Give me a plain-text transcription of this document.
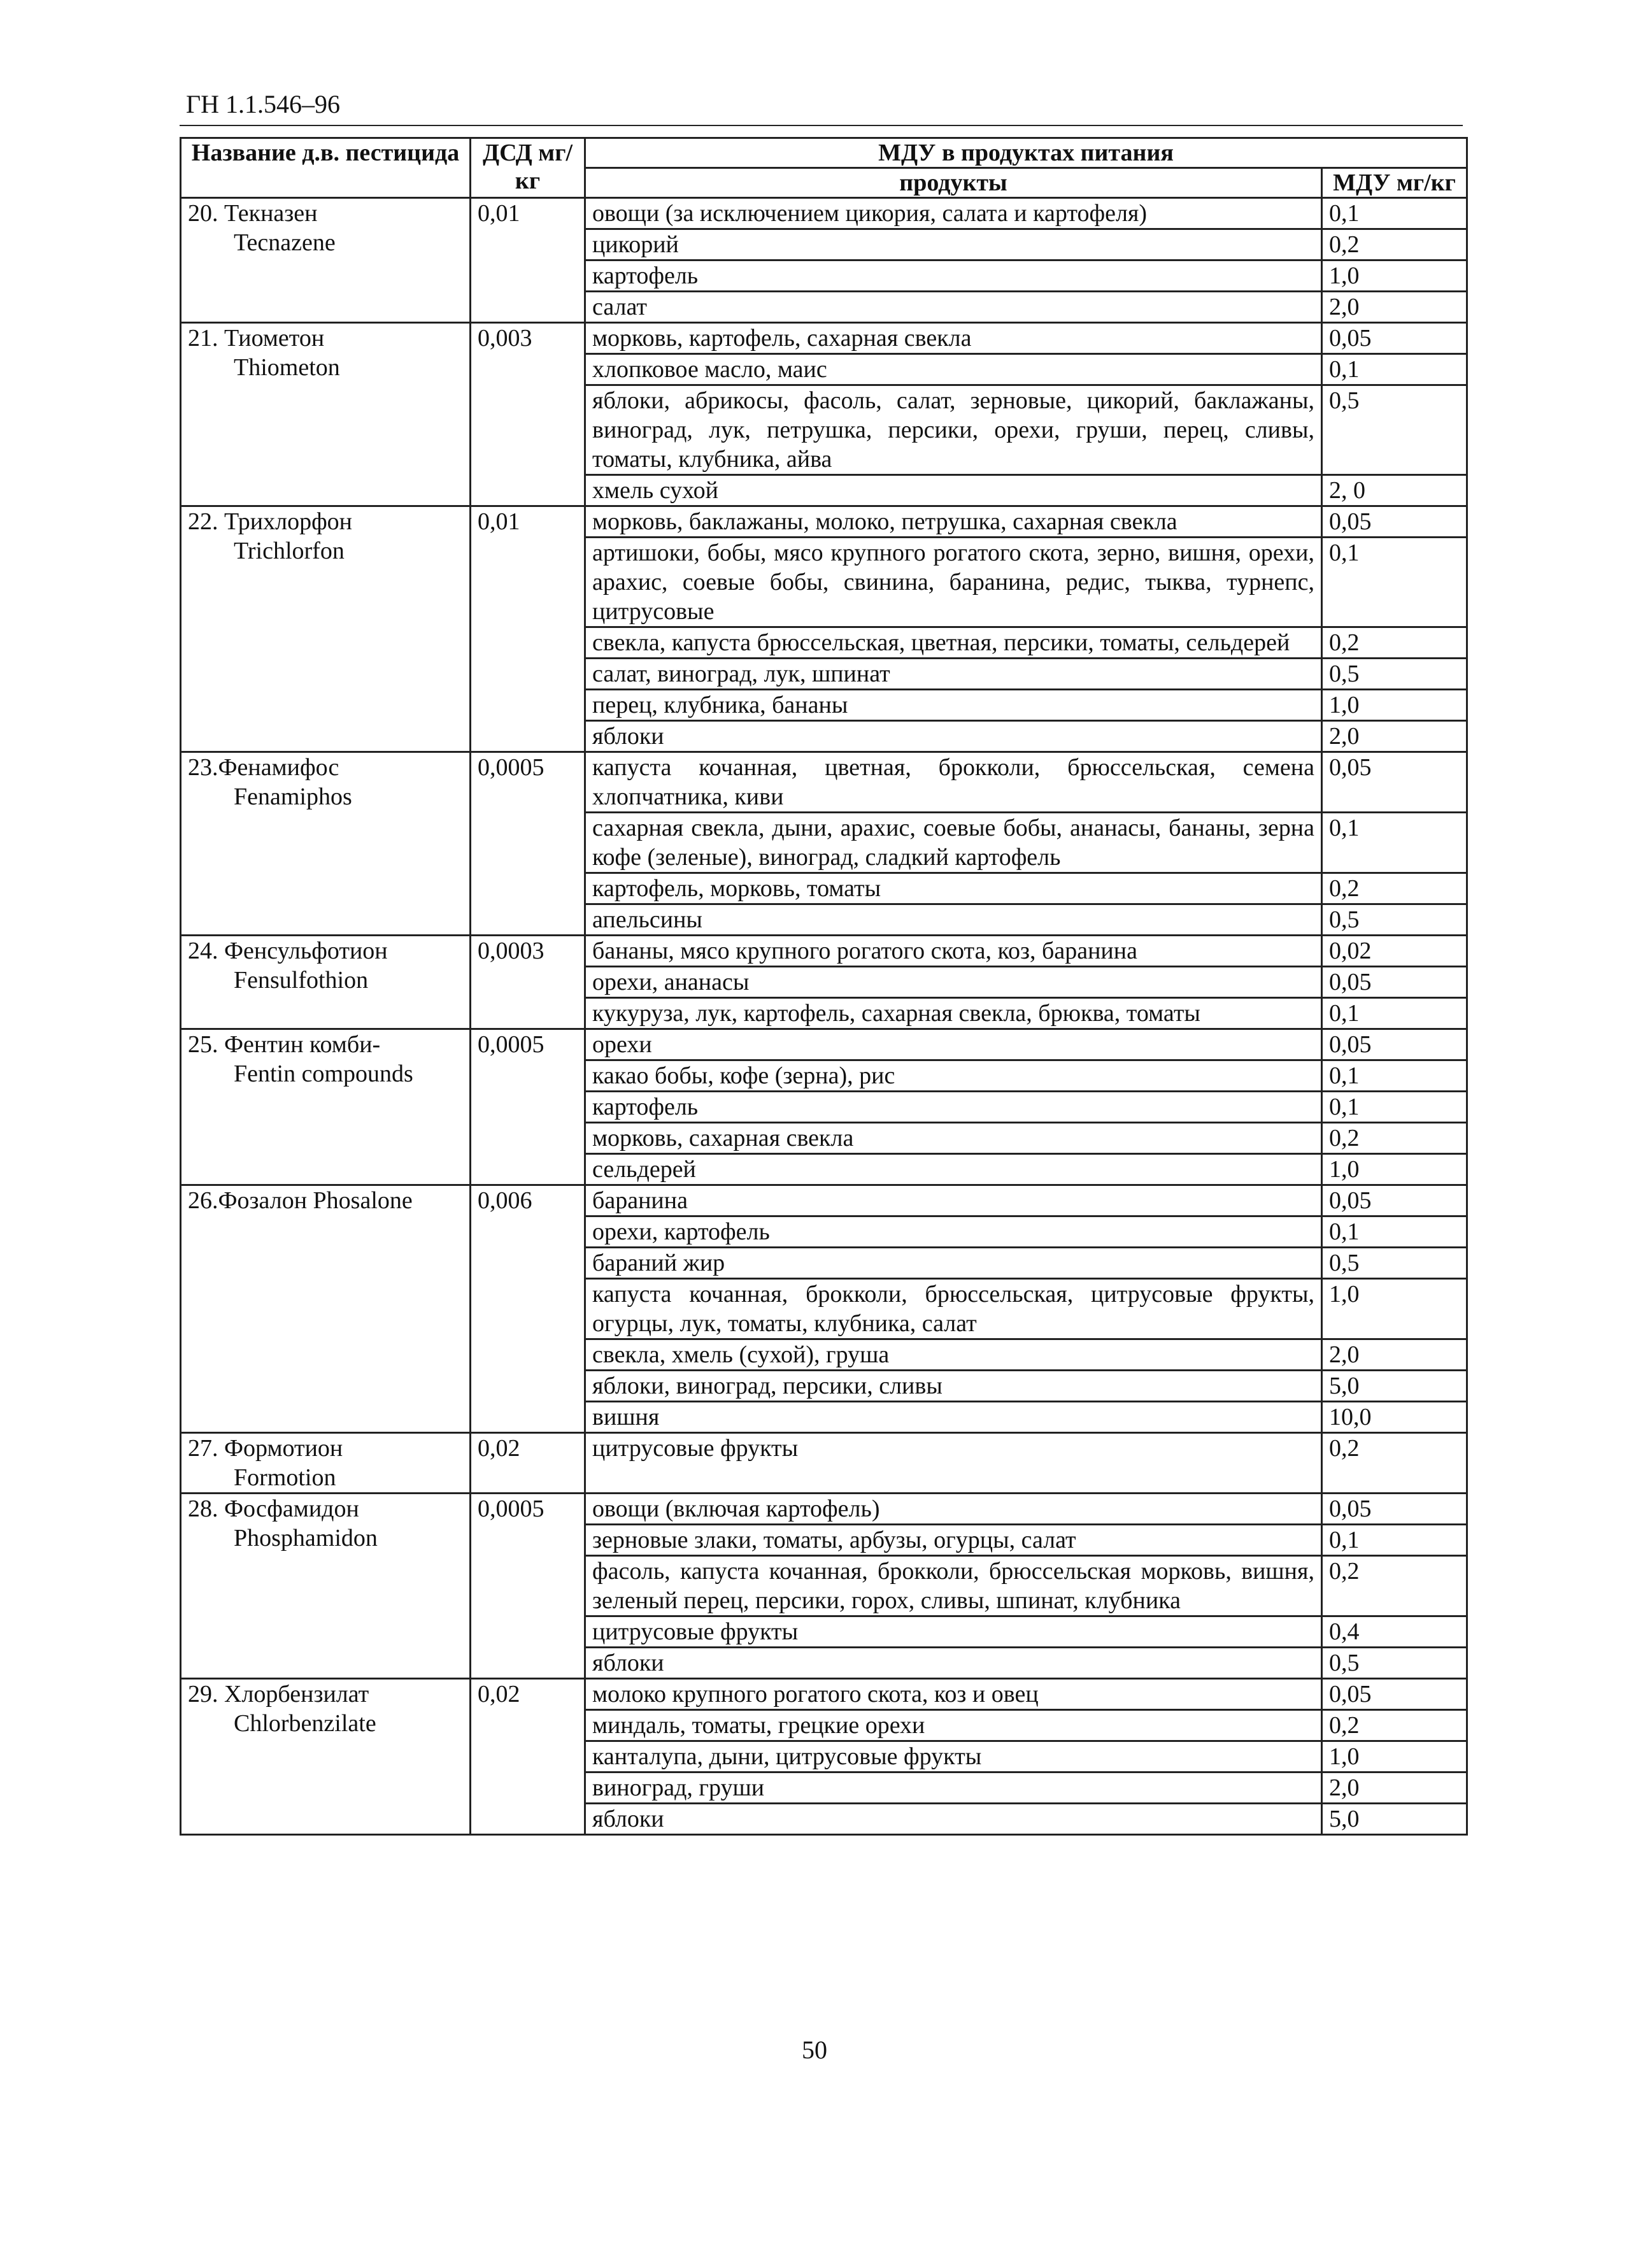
ГН 1.1.546–96
Название д.в. пестицида	ДСД мг/кг	МДУ в продуктах питания	
		продукты	МДУ мг/кг

20. Текназен
Tecnazene	0,01	овощи (за исключением цикория, салата и картофеля)	0,1
		цикорий	0,2
		картофель	1,0
		салат	2,0

21. Тиометон
Thiometon	0,003	морковь, картофель, сахарная свекла	0,05
		хлопковое масло, маис	0,1
		яблоки, абрикосы, фасоль, салат, зерновые, цикорий, баклажаны, виноград, лук, петрушка, персики, орехи, груши, перец, сливы, томаты, клубника, айва	0,5
		хмель сухой	2, 0

22. Трихлорфон
Trichlorfon	0,01	морковь, баклажаны, молоко, петрушка, сахарная свекла	0,05
		артишоки, бобы, мясо крупного рогатого скота, зерно, вишня, орехи, арахис, соевые бобы, свинина, баранина, редис, тыква, турнепс, цитрусовые	0,1
		свекла, капуста брюссельская, цветная, персики, томаты, сельдерей	0,2
		салат, виноград, лук, шпинат	0,5
		перец, клубника, бананы	1,0
		яблоки	2,0

23.Фенамифос
Fenamiphos	0,0005	капуста кочанная, цветная, брокколи, брюссельская, семена хлопчатника, киви	0,05
		сахарная свекла, дыни, арахис, соевые бобы, ананасы, бананы, зерна кофе (зеленые), виноград, сладкий картофель	0,1
		картофель, морковь, томаты	0,2
		апельсины	0,5

24. Фенсульфотион
Fensulfothion	0,0003	бананы, мясо крупного рогатого скота, коз, баранина	0,02
		орехи, ананасы	0,05
		кукуруза, лук, картофель, сахарная свекла, брюква, томаты	0,1

25. Фентин комби-
Fentin compounds	0,0005	орехи	0,05
		какао бобы, кофе (зерна), рис	0,1
		картофель	0,1
		морковь, сахарная свекла	0,2
		сельдерей	1,0

26.Фозалон Phosalone	0,006	баранина	0,05
		орехи, картофель	0,1
		бараний жир	0,5
		капуста кочанная, брокколи, брюссельская, цитрусовые фрукты, огурцы, лук, томаты, клубника, салат	1,0
		свекла, хмель (сухой), груша	2,0
		яблоки, виноград, персики, сливы	5,0
		вишня	10,0

27. Формотион
Formotion	0,02	цитрусовые фрукты	0,2

28. Фосфамидон
Phosphamidon	0,0005	овощи (включая картофель)	0,05
		зерновые злаки, томаты, арбузы, огурцы, салат	0,1
		фасоль, капуста кочанная, брокколи, брюссельская морковь, вишня, зеленый перец, персики, горох, сливы, шпинат, клубника	0,2
		цитрусовые фрукты	0,4
		яблоки	0,5

29. Хлорбензилат
Chlorbenzilate	0,02	молоко крупного рогатого скота, коз и овец	0,05
		миндаль, томаты, грецкие орехи	0,2
		канталупа, дыни, цитрусовые фрукты	1,0
		виноград, груши	2,0
		яблоки	5,0
50
